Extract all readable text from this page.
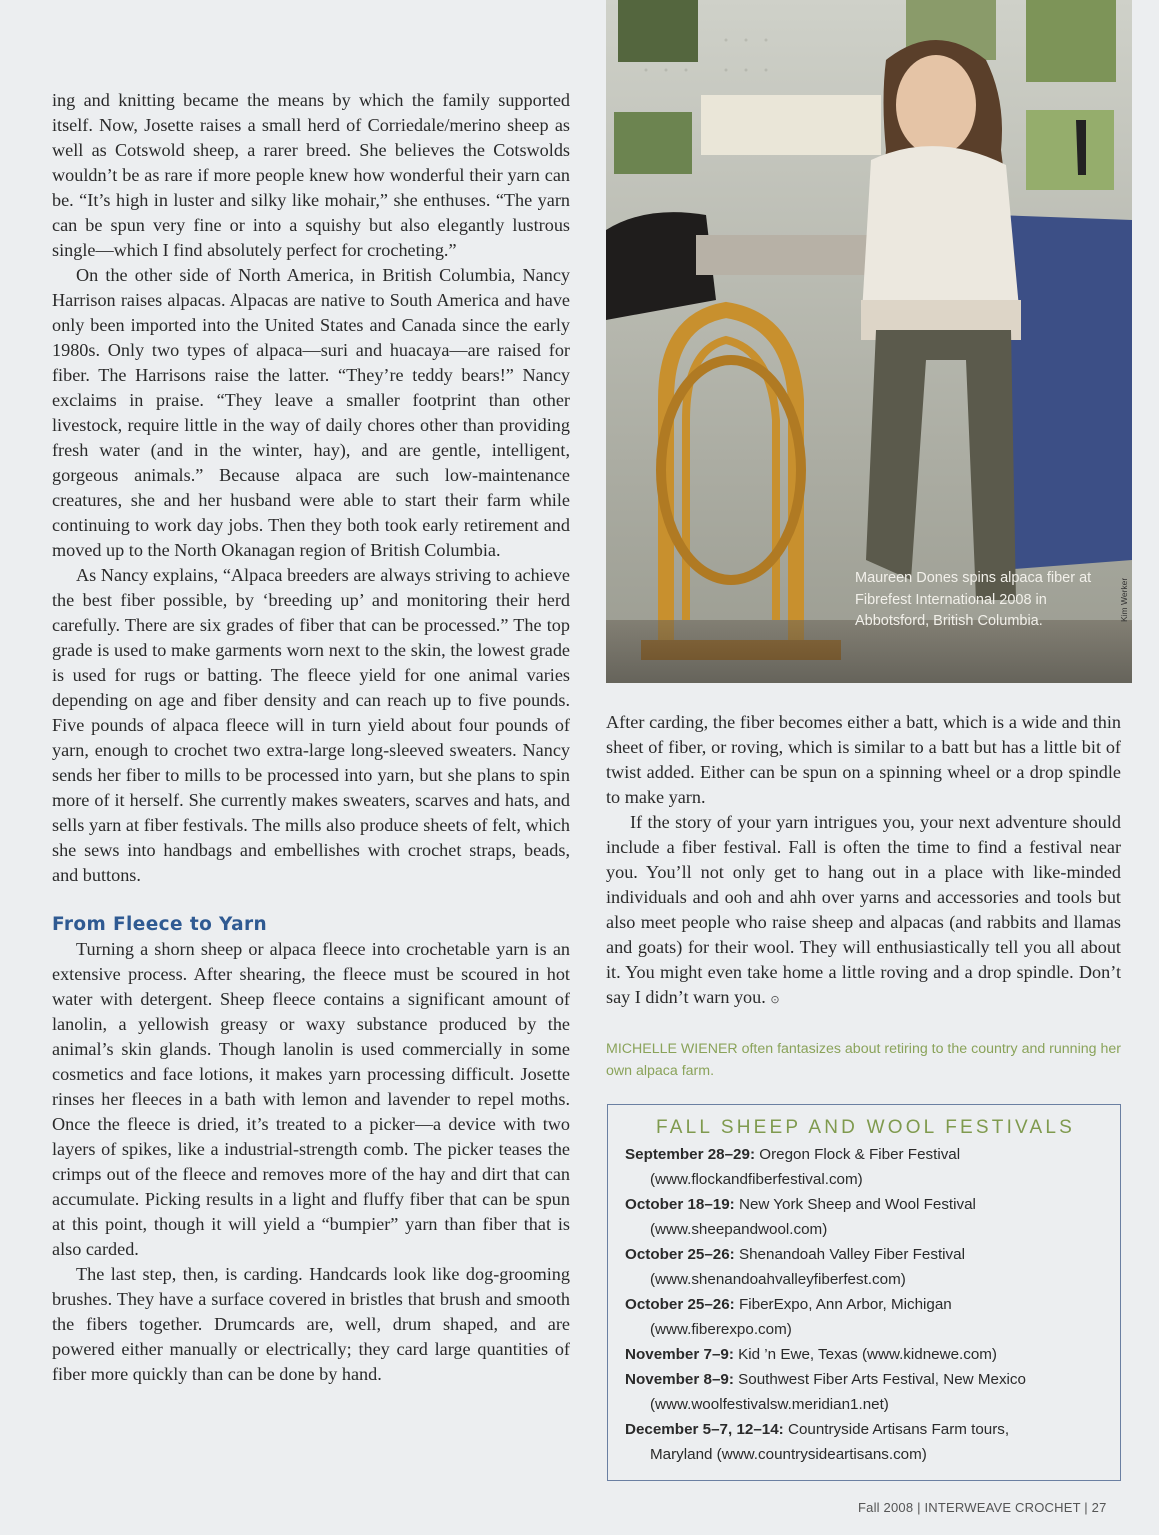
ing and knitting became the means by which the family supported itself. Now, Josette raises a small herd of Corriedale/merino sheep as well as Cotswold sheep, a rarer breed. She believes the Cotswolds wouldn’t be as rare if more people knew how wonderful their yarn can be. “It’s high in luster and silky like mohair,” she enthuses. “The yarn can be spun very fine or into a squishy but also elegantly lustrous single—which I find absolutely perfect for crocheting.”

On the other side of North America, in British Columbia, Nancy Harrison raises alpacas. Alpacas are native to South America and have only been imported into the United States and Canada since the early 1980s. Only two types of alpaca—suri and huacaya—are raised for fiber. The Harrisons raise the latter. “They’re teddy bears!” Nancy exclaims in praise. “They leave a smaller footprint than other livestock, require little in the way of daily chores other than providing fresh water (and in the winter, hay), and are gentle, intelligent, gorgeous animals.” Because alpaca are such low-maintenance creatures, she and her husband were able to start their farm while continuing to work day jobs. Then they both took early retirement and moved up to the North Okanagan region of British Columbia.

As Nancy explains, “Alpaca breeders are always striving to achieve the best fiber possible, by ‘breeding up’ and monitoring their herd carefully. There are six grades of fiber that can be processed.” The top grade is used to make garments worn next to the skin, the lowest grade is used for rugs or batting. The fleece yield for one animal varies depending on age and fiber density and can reach up to five pounds. Five pounds of alpaca fleece will in turn yield about four pounds of yarn, enough to crochet two extra-large long-sleeved sweaters. Nancy sends her fiber to mills to be processed into yarn, but she plans to spin more of it herself. She currently makes sweaters, scarves and hats, and sells yarn at fiber festivals. The mills also produce sheets of felt, which she sews into handbags and embellishes with crochet straps, beads, and buttons.

From Fleece to Yarn

Turning a shorn sheep or alpaca fleece into crochetable yarn is an extensive process. After shearing, the fleece must be scoured in hot water with detergent. Sheep fleece contains a significant amount of lanolin, a yellowish greasy or waxy substance produced by the animal’s skin glands. Though lanolin is used commercially in some cosmetics and face lotions, it makes yarn processing difficult. Josette rinses her fleeces in a bath with lemon and lavender to repel moths. Once the fleece is dried, it’s treated to a picker—a device with two layers of spikes, like a industrial-strength comb. The picker teases the crimps out of the fleece and removes more of the hay and dirt that can accumulate. Picking results in a light and fluffy fiber that can be spun at this point, though it will yield a “bumpier” yarn than fiber that is also carded.

The last step, then, is carding. Handcards look like dog-grooming brushes. They have a surface covered in bristles that brush and smooth the fibers together. Drumcards are, well, drum shaped, and are powered either manually or electrically; they card large quantities of fiber more quickly than can be done by hand.

Maureen Dones spins alpaca fiber at Fibrefest International 2008 in Abbotsford, British Columbia.	Kim Werker

After carding, the fiber becomes either a batt, which is a wide and thin sheet of fiber, or roving, which is similar to a batt but has a little bit of twist added. Either can be spun on a spinning wheel or a drop spindle to make yarn.

If the story of your yarn intrigues you, your next adventure should include a fiber festival. Fall is often the time to find a festival near you. You’ll not only get to hang out in a place with like-minded individuals and ooh and ahh over yarns and accessories and tools but also meet people who raise sheep and alpacas (and rabbits and llamas and goats) for their wool. They will enthusiastically tell you all about it. You might even take home a little roving and a drop spindle. Don’t say I didn’t warn you. ⊙

MICHELLE WIENER often fantasizes about retiring to the country and running her own alpaca farm.
FALL SHEEP AND WOOL FESTIVALS
September 28–29: Oregon Flock & Fiber Festival
(www.flockandfiberfestival.com)
October 18–19: New York Sheep and Wool Festival
(www.sheepandwool.com)
October 25–26: Shenandoah Valley Fiber Festival
(www.shenandoahvalleyfiberfest.com)
October 25–26: FiberExpo, Ann Arbor, Michigan
(www.fiberexpo.com)
November 7–9: Kid ’n Ewe, Texas (www.kidnewe.com)
November 8–9: Southwest Fiber Arts Festival, New Mexico
(www.woolfestivalsw.meridian1.net)
December 5–7, 12–14: Countryside Artisans Farm tours,
Maryland (www.countrysideartisans.com)
Fall 2008 | INTERWEAVE CROCHET | 27
